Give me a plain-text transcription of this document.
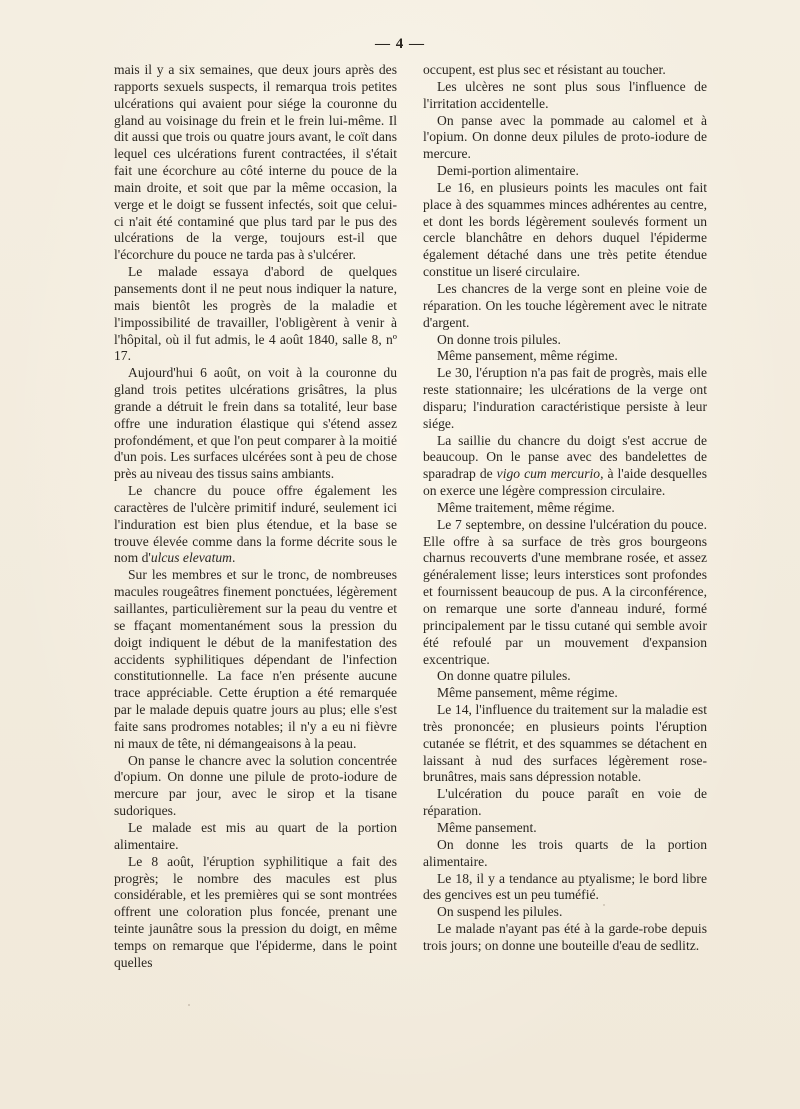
— 4 —

mais il y a six semaines, que deux jours après des rapports sexuels suspects, il remarqua trois petites ulcérations qui avaient pour siége la couronne du gland au voisinage du frein et le frein lui-même. Il dit aussi que trois ou quatre jours avant, le coït dans lequel ces ulcérations furent contractées, il s'était fait une écorchure au côté interne du pouce de la main droite, et soit que par la même occasion, la verge et le doigt se fussent infectés, soit que celui-ci n'ait été contaminé que plus tard par le pus des ulcérations de la verge, toujours est-il que l'écorchure du pouce ne tarda pas à s'ulcérer.

Le malade essaya d'abord de quelques pansements dont il ne peut nous indiquer la nature, mais bientôt les progrès de la maladie et l'impossibilité de travailler, l'obligèrent à venir à l'hôpital, où il fut admis, le 4 août 1840, salle 8, nº 17.

Aujourd'hui 6 août, on voit à la couronne du gland trois petites ulcérations grisâtres, la plus grande a détruit le frein dans sa totalité, leur base offre une induration élastique qui s'étend assez profondément, et que l'on peut comparer à la moitié d'un pois. Les surfaces ulcérées sont à peu de chose près au niveau des tissus sains ambiants.

Le chancre du pouce offre également les caractères de l'ulcère primitif induré, seulement ici l'induration est bien plus étendue, et la base se trouve élevée comme dans la forme décrite sous le nom d'ulcus elevatum.

Sur les membres et sur le tronc, de nombreuses macules rougeâtres finement ponctuées, légèrement saillantes, particulièrement sur la peau du ventre et se ffaçant momentanément sous la pression du doigt indiquent le début de la manifestation des accidents syphilitiques dépendant de l'infection constitutionnelle. La face n'en présente aucune trace appréciable. Cette éruption a été remarquée par le malade depuis quatre jours au plus; elle s'est faite sans prodromes notables; il n'y a eu ni fièvre ni maux de tête, ni démangeaisons à la peau.

On panse le chancre avec la solution concentrée d'opium. On donne une pilule de proto-iodure de mercure par jour, avec le sirop et la tisane sudoriques.

Le malade est mis au quart de la portion alimentaire.

Le 8 août, l'éruption syphilitique a fait des progrès; le nombre des macules est plus considérable, et les premières qui se sont montrées offrent une coloration plus foncée, prenant une teinte jaunâtre sous la pression du doigt, en même temps on remarque que l'épiderme, dans le point quelles

occupent, est plus sec et résistant au toucher.

Les ulcères ne sont plus sous l'influence de l'irritation accidentelle.

On panse avec la pommade au calomel et à l'opium. On donne deux pilules de proto-iodure de mercure.

Demi-portion alimentaire.

Le 16, en plusieurs points les macules ont fait place à des squammes minces adhérentes au centre, et dont les bords légèrement soulevés forment un cercle blanchâtre en dehors duquel l'épiderme également détaché dans une très petite étendue constitue un liseré circulaire.

Les chancres de la verge sont en pleine voie de réparation. On les touche légèrement avec le nitrate d'argent.

On donne trois pilules.

Même pansement, même régime.

Le 30, l'éruption n'a pas fait de progrès, mais elle reste stationnaire; les ulcérations de la verge ont disparu; l'induration caractéristique persiste à leur siége.

La saillie du chancre du doigt s'est accrue de beaucoup. On le panse avec des bandelettes de sparadrap de vigo cum mercurio, à l'aide desquelles on exerce une légère compression circulaire.

Même traitement, même régime.

Le 7 septembre, on dessine l'ulcération du pouce. Elle offre à sa surface de très gros bourgeons charnus recouverts d'une membrane rosée, et assez généralement lisse; leurs interstices sont profondes et fournissent beaucoup de pus. A la circonférence, on remarque une sorte d'anneau induré, formé principalement par le tissu cutané qui semble avoir été refoulé par un mouvement d'expansion excentrique.

On donne quatre pilules.

Même pansement, même régime.

Le 14, l'influence du traitement sur la maladie est très prononcée; en plusieurs points l'éruption cutanée se flétrit, et des squammes se détachent en laissant à nud des surfaces légèrement rose-brunâtres, mais sans dépression notable.

L'ulcération du pouce paraît en voie de réparation.

Même pansement.

On donne les trois quarts de la portion alimentaire.

Le 18, il y a tendance au ptyalisme; le bord libre des gencives est un peu tuméfié.

On suspend les pilules.

Le malade n'ayant pas été à la garde-robe depuis trois jours; on donne une bouteille d'eau de sedlitz.
